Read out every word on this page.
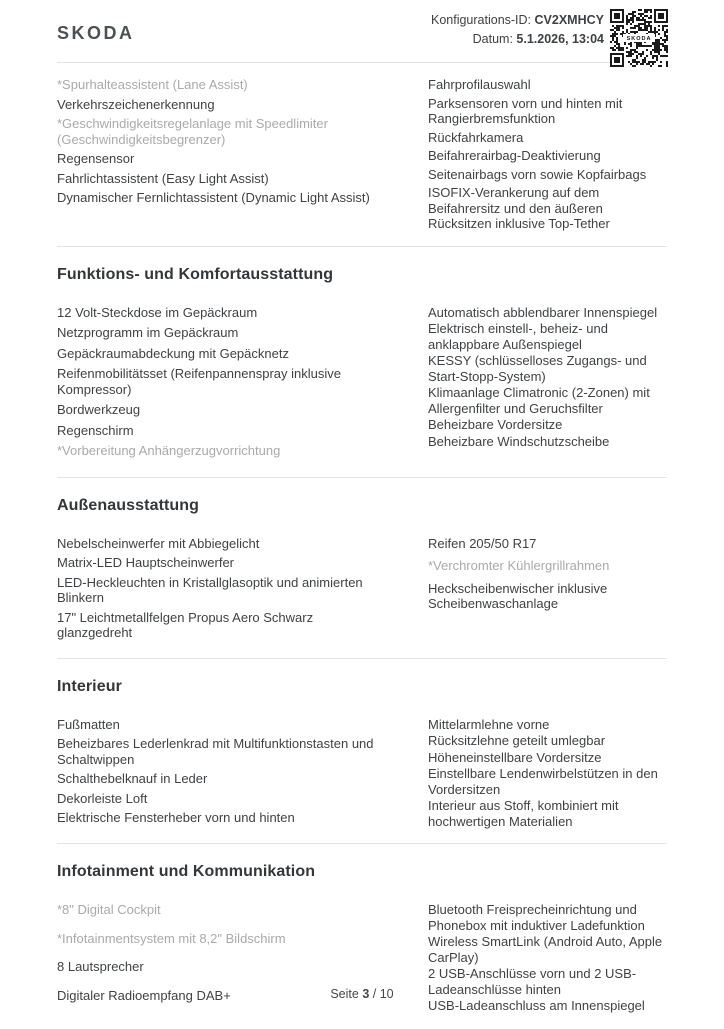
SKODA
Konfigurations-ID: CV2XMHCY
Datum: 5.1.2026, 13:04	SKODA
*Spurhalteassistent (Lane Assist)
Verkehrszeichenerkennung
*Geschwindigkeitsregelanlage mit Speedlimiter (Geschwindigkeitsbegrenzer)
Regensensor
Fahrlichtassistent (Easy Light Assist)
Dynamischer Fernlichtassistent (Dynamic Light Assist)
Fahrprofilauswahl
Parksensoren vorn und hinten mit Rangierbremsfunktion
Rückfahrkamera
Beifahrerairbag-Deaktivierung
Seitenairbags vorn sowie Kopfairbags
ISOFIX-Verankerung auf dem Beifahrersitz und den äußeren Rücksitzen inklusive Top-Tether
Funktions- und Komfortausstattung
12 Volt-Steckdose im Gepäckraum
Netzprogramm im Gepäckraum
Gepäckraumabdeckung mit Gepäcknetz
Reifenmobilitätsset (Reifenpannenspray inklusive Kompressor)
Bordwerkzeug
Regenschirm
*Vorbereitung Anhängerzugvorrichtung
Automatisch abblendbarer Innenspiegel
Elektrisch einstell-, beheiz- und anklappbare Außenspiegel
KESSY (schlüsselloses Zugangs- und Start-Stopp-System)
Klimaanlage Climatronic (2-Zonen) mit Allergenfilter und Geruchsfilter
Beheizbare Vordersitze
Beheizbare Windschutzscheibe
Außenausstattung
Nebelscheinwerfer mit Abbiegelicht
Matrix-LED Hauptscheinwerfer
LED-Heckleuchten in Kristallglasoptik und animierten Blinkern
17" Leichtmetallfelgen Propus Aero Schwarz glanzgedreht
Reifen 205/50 R17
*Verchromter Kühlergrillrahmen
Heckscheibenwischer inklusive Scheibenwaschanlage
Interieur
Fußmatten
Beheizbares Lederlenkrad mit Multifunktionstasten und Schaltwippen
Schalthebelknauf in Leder
Dekorleiste Loft
Elektrische Fensterheber vorn und hinten
Mittelarmlehne vorne
Rücksitzlehne geteilt umlegbar
Höheneinstellbare Vordersitze
Einstellbare Lendenwirbelstützen in den Vordersitzen
Interieur aus Stoff, kombiniert mit hochwertigen Materialien
Infotainment und Kommunikation
*8" Digital Cockpit
*Infotainmentsystem mit 8,2" Bildschirm
8 Lautsprecher
Digitaler Radioempfang DAB+
Bluetooth Freisprecheinrichtung und Phonebox mit induktiver Ladefunktion
Wireless SmartLink (Android Auto, Apple CarPlay)
2 USB-Anschlüsse vorn und 2 USB-Ladeanschlüsse hinten
USB-Ladeanschluss am Innenspiegel
Seite 3 / 10
